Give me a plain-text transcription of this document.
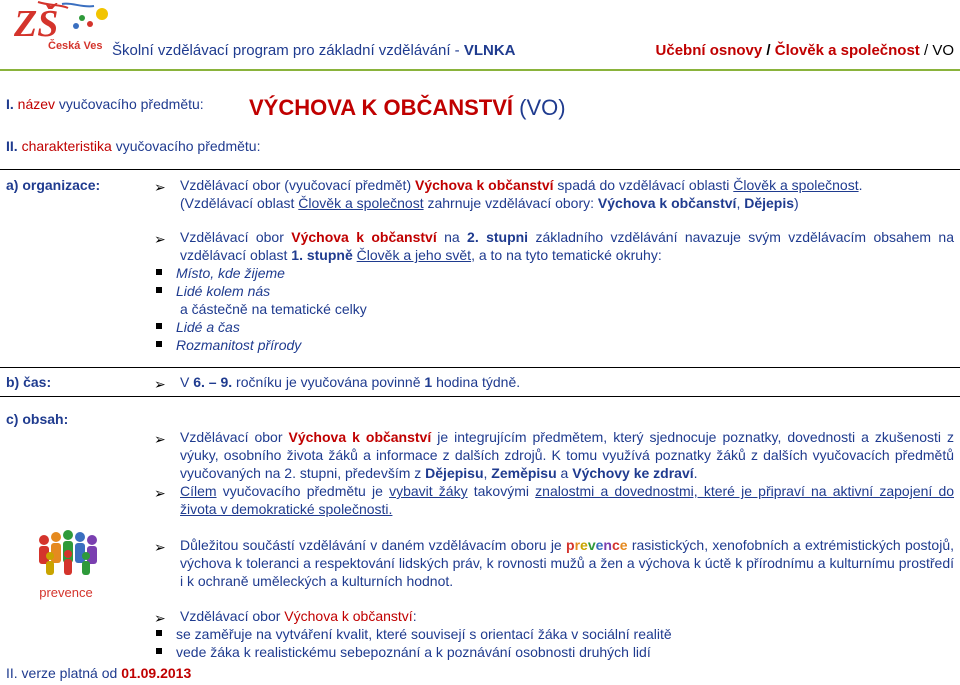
ZŠ
Česká Ves Školní vzdělávací program pro základní vzdělávání - VLNKA	Učební osnovy / Člověk a společnost / VO
I. název vyučovacího předmětu: VÝCHOVA K OBČANSTVÍ (VO)
II. charakteristika vyučovacího předmětu:
a) organizace:	➢ Vzdělávací obor (vyučovací předmět) Výchova k občanství spadá do vzdělávací oblasti Člověk a společnost.
(Vzdělávací oblast Člověk a společnost zahrnuje vzdělávací obory: Výchova k občanství, Dějepis)
➢ Vzdělávací obor Výchova k občanství na 2. stupni základního vzdělávání navazuje svým vzdělávacím obsahem na vzdělávací oblast 1. stupně Člověk a jeho svět, a to na tyto tematické okruhy:
Místo, kde žijeme
Lidé kolem nás
a částečně na tematické celky
Lidé a čas
Rozmanitost přírody
b) čas:	➢ V 6. – 9. ročníku je vyučována povinně 1 hodina týdně.
c) obsah:
➢ Vzdělávací obor Výchova k občanství je integrujícím předmětem, který sjednocuje poznatky, dovednosti a zkušenosti z výuky, osobního života žáků a informace z dalších zdrojů. K tomu využívá poznatky žáků z dalších vyučovacích předmětů vyučovaných na 2. stupni, především z Dějepisu, Zeměpisu a Výchovy ke zdraví.
➢ Cílem vyučovacího předmětu je vybavit žáky takovými znalostmi a dovednostmi, které je připraví na aktivní zapojení do života v demokratické společnosti.
➢ Důležitou součástí vzdělávání v daném vzdělávacím oboru je prevence rasistických, xenofobních a extrémistických postojů, výchova k toleranci a respektování lidských práv, k rovnosti mužů a žen a výchova k úctě k přírodnímu a kulturnímu prostředí i k ochraně uměleckých a kulturních hodnot.
➢ Vzdělávací obor Výchova k občanství:
se zaměřuje na vytváření kvalit, které souvisejí s orientací žáka v sociální realitě
vede žáka k realistickému sebepoznání a k poznávání osobnosti druhých lidí
prevence
II. verze platná od 01.09.2013
